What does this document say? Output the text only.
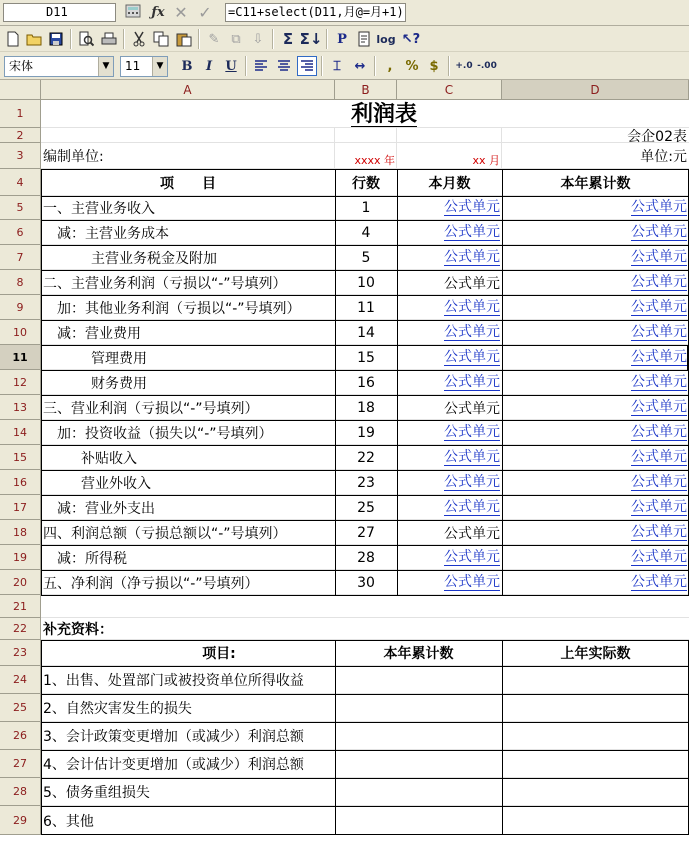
D11	ƒx ✕ ✓ =C11+select(D11,月@=月+1)
✎ ⧉ ⇩	Σ Σ↓	P	log ↖?
宋体	▼	11	▼	B	I	U	⌶	↔	,	% $	+.0 -.00
A	B	C	D
1
2
3
4
5
6
7
8
9
10
11
12
13
14
15
16
17
18
19
20
21
22
23
24
25
26
27
28
29
利润表
会企02表
编制单位:	xxxx 年	xx 月	单位:元
项　　目	行数	本月数	本年累计数
一、主营业务收入	1	公式单元	公式单元
减：主营业务成本	4	公式单元	公式单元
主营业务税金及附加	5	公式单元	公式单元
二、主营业务利润（亏损以“-”号填列）	10	公式单元	公式单元
加：其他业务利润（亏损以“-”号填列）	11	公式单元	公式单元
减：营业费用	14	公式单元	公式单元
管理费用	15	公式单元	公式单元
财务费用	16	公式单元	公式单元
三、营业利润（亏损以“-”号填列）	18	公式单元	公式单元
加：投资收益（损失以“-”号填列）	19	公式单元	公式单元
补贴收入	22	公式单元	公式单元
营业外收入	23	公式单元	公式单元
减：营业外支出	25	公式单元	公式单元
四、利润总额（亏损总额以“-”号填列）	27	公式单元	公式单元
减：所得税	28	公式单元	公式单元
五、净利润（净亏损以“-”号填列）	30	公式单元	公式单元
补充资料：
项目:	本年累计数	上年实际数
1、出售、处置部门或被投资单位所得收益
2、自然灾害发生的损失
3、会计政策变更增加（或减少）利润总额
4、会计估计变更增加（或减少）利润总额
5、债务重组损失
6、其他
